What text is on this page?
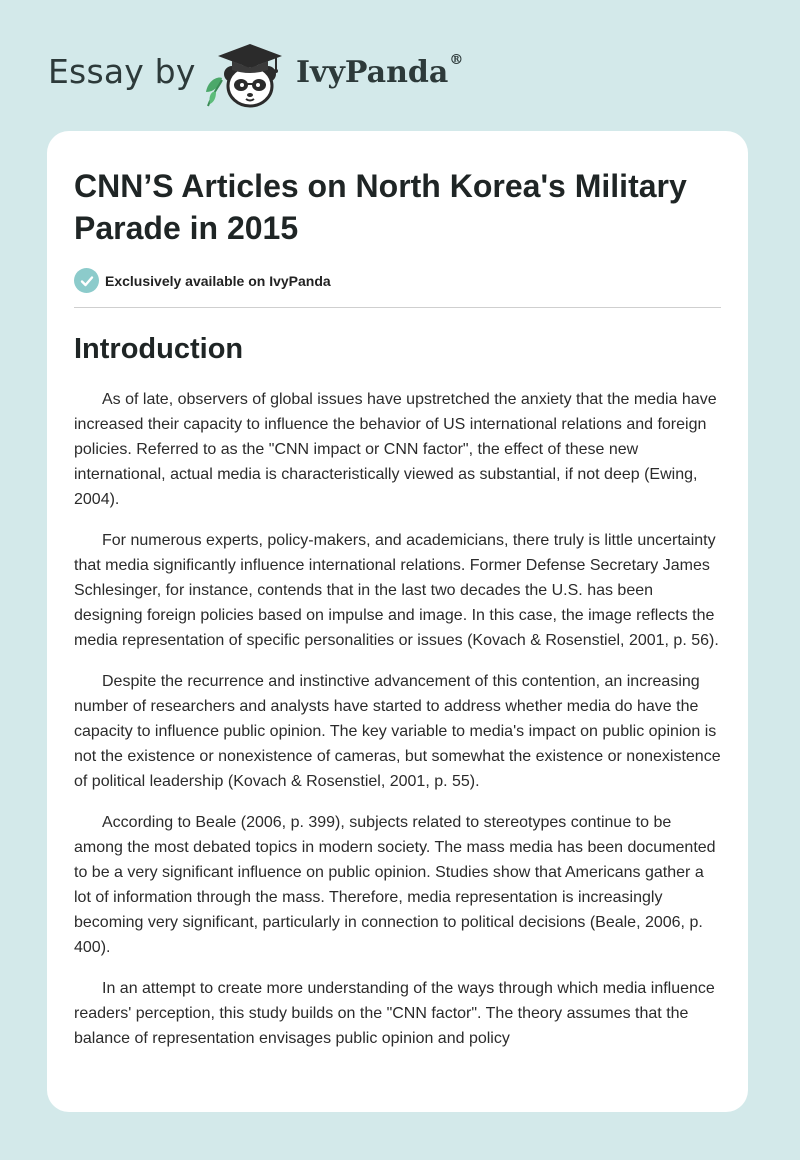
Essay by	IvyPanda®
CNN’S Articles on North Korea's Military Parade in 2015
Exclusively available on IvyPanda
Introduction

As of late, observers of global issues have upstretched the anxiety that the media have increased their capacity to influence the behavior of US international relations and foreign policies. Referred to as the "CNN impact or CNN factor", the effect of these new international, actual media is characteristically viewed as substantial, if not deep (Ewing, 2004).

For numerous experts, policy-makers, and academicians, there truly is little uncertainty that media significantly influence international relations. Former Defense Secretary James Schlesinger, for instance, contends that in the last two decades the U.S. has been designing foreign policies based on impulse and image. In this case, the image reflects the media representation of specific personalities or issues (Kovach & Rosenstiel, 2001, p. 56).

Despite the recurrence and instinctive advancement of this contention, an increasing number of researchers and analysts have started to address whether media do have the capacity to influence public opinion. The key variable to media's impact on public opinion is not the existence or nonexistence of cameras, but somewhat the existence or nonexistence of political leadership (Kovach & Rosenstiel, 2001, p. 55).

According to Beale (2006, p. 399), subjects related to stereotypes continue to be among the most debated topics in modern society. The mass media has been documented to be a very significant influence on public opinion. Studies show that Americans gather a lot of information through the mass. Therefore, media representation is increasingly becoming very significant, particularly in connection to political decisions (Beale, 2006, p. 400).

In an attempt to create more understanding of the ways through which media influence readers' perception, this study builds on the "CNN factor". The theory assumes that the balance of representation envisages public opinion and policy
